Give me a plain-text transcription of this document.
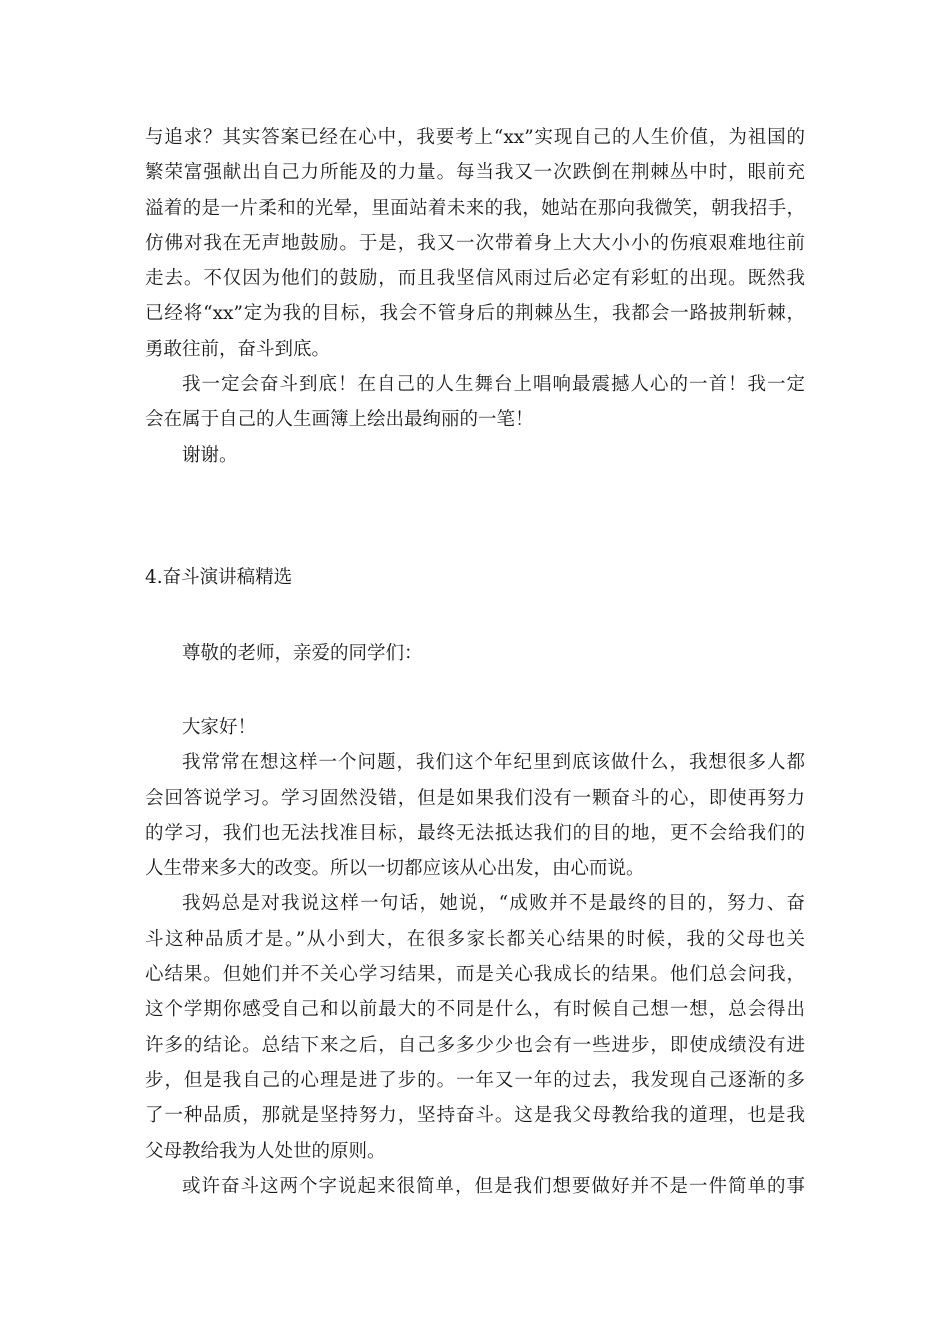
与追求？其实答案已经在心中，我要考上“xx”实现自己的人生价值，为祖国的
繁荣富强献出自己力所能及的力量。每当我又一次跌倒在荆棘丛中时，眼前充
溢着的是一片柔和的光晕，里面站着未来的我，她站在那向我微笑，朝我招手，
仿佛对我在无声地鼓励。于是，我又一次带着身上大大小小的伤痕艰难地往前
走去。不仅因为他们的鼓励，而且我坚信风雨过后必定有彩虹的出现。既然我
已经将“xx”定为我的目标，我会不管身后的荆棘丛生，我都会一路披荆斩棘，
勇敢往前，奋斗到底。
我一定会奋斗到底！在自己的人生舞台上唱响最震撼人心的一首！我一定
会在属于自己的人生画簿上绘出最绚丽的一笔！
谢谢。
4.奋斗演讲稿精选
尊敬的老师，亲爱的同学们：
大家好！
我常常在想这样一个问题，我们这个年纪里到底该做什么，我想很多人都
会回答说学习。学习固然没错，但是如果我们没有一颗奋斗的心，即使再努力
的学习，我们也无法找准目标，最终无法抵达我们的目的地，更不会给我们的
人生带来多大的改变。所以一切都应该从心出发，由心而说。
我妈总是对我说这样一句话，她说，“成败并不是最终的目的，努力、奋
斗这种品质才是。”从小到大，在很多家长都关心结果的时候，我的父母也关
心结果。但她们并不关心学习结果，而是关心我成长的结果。他们总会问我，
这个学期你感受自己和以前最大的不同是什么，有时候自己想一想，总会得出
许多的结论。总结下来之后，自己多多少少也会有一些进步，即使成绩没有进
步，但是我自己的心理是进了步的。一年又一年的过去，我发现自己逐渐的多
了一种品质，那就是坚持努力，坚持奋斗。这是我父母教给我的道理，也是我
父母教给我为人处世的原则。
或许奋斗这两个字说起来很简单，但是我们想要做好并不是一件简单的事
